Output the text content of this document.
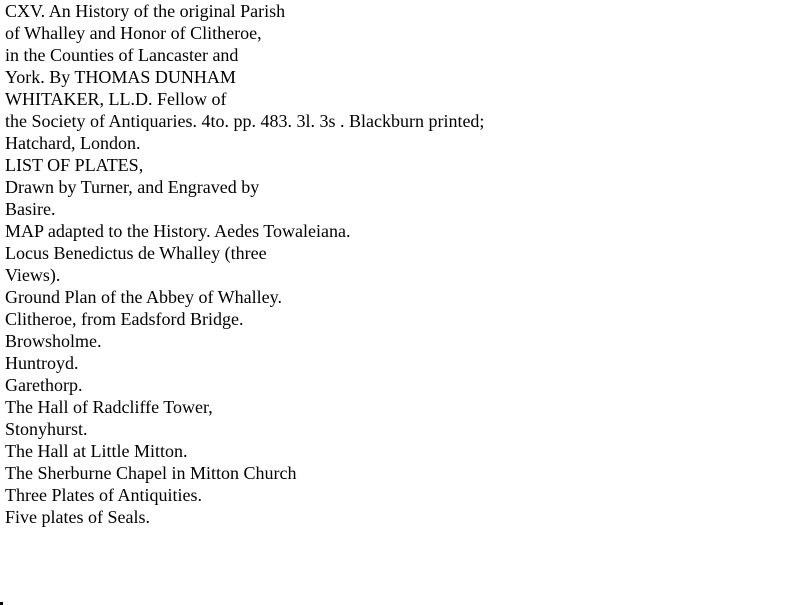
CXV. An History of the original Parish
of Whalley and Honor of Clitheroe,
in the Counties of Lancaster and
York. By THOMAS DUNHAM
WHITAKER, LL.D. Fellow of
the Society of Antiquaries. 4to. pp. 483. 3l. 3s . Blackburn printed;
Hatchard, London.
LIST OF PLATES,
Drawn by Turner, and Engraved by
Basire.
MAP adapted to the History. Aedes Towaleiana.
Locus Benedictus de Whalley (three
Views).
Ground Plan of the Abbey of Whalley.
Clitheroe, from Eadsford Bridge.
Browsholme.
Huntroyd.
Garethorp.
The Hall of Radcliffe Tower,
Stonyhurst.
The Hall at Little Mitton.
The Sherburne Chapel in Mitton Church
Three Plates of Antiquities.
Five plates of Seals.
